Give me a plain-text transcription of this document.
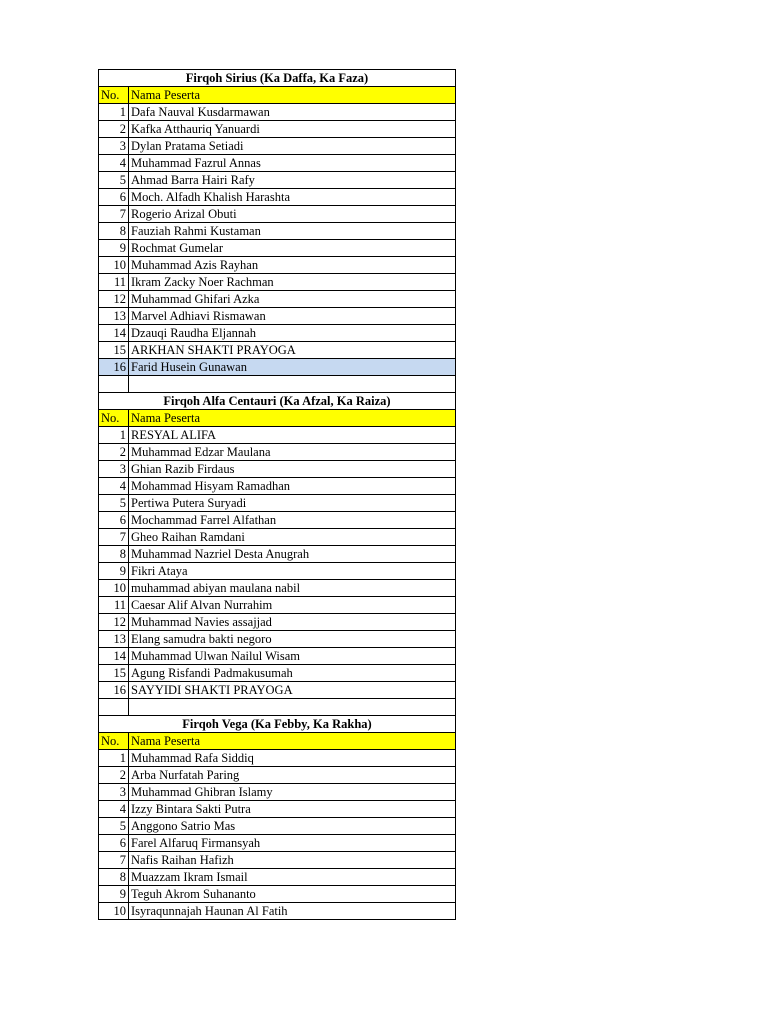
Firqoh Sirius (Ka Daffa, Ka Faza)	
No.	Nama Peserta
1	Dafa Nauval Kusdarmawan
2	Kafka Atthauriq Yanuardi
3	Dylan Pratama Setiadi
4	Muhammad Fazrul Annas
5	Ahmad Barra Hairi Rafy
6	Moch. Alfadh Khalish Harashta
7	Rogerio Arizal Obuti
8	Fauziah Rahmi Kustaman
9	Rochmat Gumelar
10	Muhammad Azis Rayhan
11	Ikram Zacky Noer Rachman
12	Muhammad Ghifari Azka
13	Marvel Adhiavi Rismawan
14	Dzauqi Raudha Eljannah
15	ARKHAN SHAKTI PRAYOGA
16	Farid Husein Gunawan

Firqoh Alfa Centauri (Ka Afzal, Ka Raiza)	
No.	Nama Peserta
1	RESYAL ALIFA
2	Muhammad Edzar Maulana
3	Ghian Razib Firdaus
4	Mohammad Hisyam Ramadhan
5	Pertiwa Putera Suryadi
6	Mochammad Farrel Alfathan
7	Gheo Raihan Ramdani
8	Muhammad Nazriel Desta Anugrah
9	Fikri Ataya
10	muhammad abiyan maulana nabil
11	Caesar Alif Alvan Nurrahim
12	Muhammad Navies assajjad
13	Elang samudra bakti negoro
14	Muhammad Ulwan Nailul Wisam
15	Agung Risfandi Padmakusumah
16	SAYYIDI SHAKTI PRAYOGA

Firqoh Vega (Ka Febby, Ka Rakha)	
No.	Nama Peserta
1	Muhammad Rafa Siddiq
2	Arba Nurfatah Paring
3	Muhammad Ghibran Islamy
4	Izzy Bintara Sakti Putra
5	Anggono Satrio Mas
6	Farel Alfaruq Firmansyah
7	Nafis Raihan Hafizh
8	Muazzam Ikram Ismail
9	Teguh Akrom Suhananto
10	Isyraqunnajah Haunan Al Fatih
